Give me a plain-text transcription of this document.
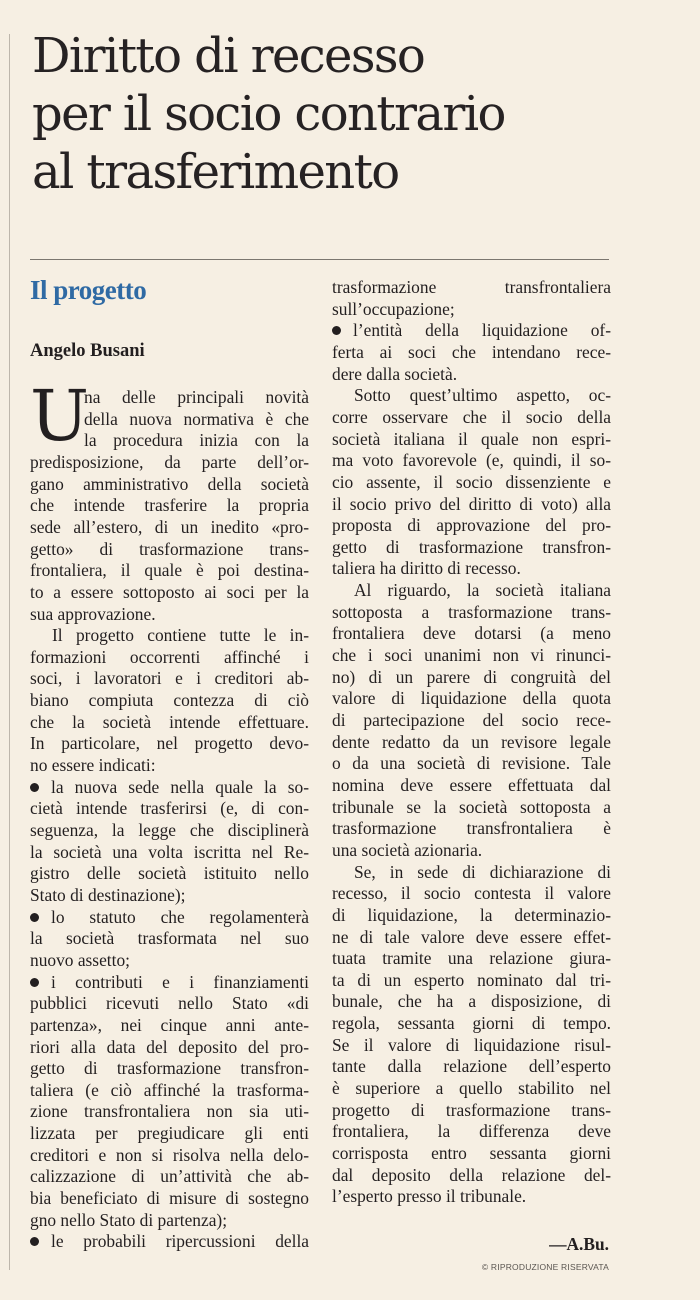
Diritto di recesso
per il socio contrario
al trasferimento
Il progetto
Angelo Busani
U
na delle principali novità
della nuova normativa è che
la procedura inizia con la
predisposizione, da parte dell’or-
gano amministrativo della società
che intende trasferire la propria
sede all’estero, di un inedito «pro-
getto» di trasformazione trans-
frontaliera, il quale è poi destina-
to a essere sottoposto ai soci per la
sua approvazione.
Il progetto contiene tutte le in-
formazioni occorrenti affinché i
soci, i lavoratori e i creditori ab-
biano compiuta contezza di ciò
che la società intende effettuare.
In particolare, nel progetto devo-
no essere indicati:
la nuova sede nella quale la so-
cietà intende trasferirsi (e, di con-
seguenza, la legge che disciplinerà
la società una volta iscritta nel Re-
gistro delle società istituito nello
Stato di destinazione);
lo statuto che regolamenterà
la società trasformata nel suo
nuovo assetto;
i contributi e i finanziamenti
pubblici ricevuti nello Stato «di
partenza», nei cinque anni ante-
riori alla data del deposito del pro-
getto di trasformazione transfron-
taliera (e ciò affinché la trasforma-
zione transfrontaliera non sia uti-
lizzata per pregiudicare gli enti
creditori e non si risolva nella delo-
calizzazione di un’attività che ab-
bia beneficiato di misure di sostegno
gno nello Stato di partenza);
le probabili ripercussioni della
trasformazione transfrontaliera
sull’occupazione;
l’entità della liquidazione of-
ferta ai soci che intendano rece-
dere dalla società.
Sotto quest’ultimo aspetto, oc-
corre osservare che il socio della
società italiana il quale non espri-
ma voto favorevole (e, quindi, il so-
cio assente, il socio dissenziente e
il socio privo del diritto di voto) alla
proposta di approvazione del pro-
getto di trasformazione transfron-
taliera ha diritto di recesso.
Al riguardo, la società italiana
sottoposta a trasformazione trans-
frontaliera deve dotarsi (a meno
che i soci unanimi non vi rinunci-
no) di un parere di congruità del
valore di liquidazione della quota
di partecipazione del socio rece-
dente redatto da un revisore legale
o da una società di revisione. Tale
nomina deve essere effettuata dal
tribunale se la società sottoposta a
trasformazione transfrontaliera è
una società azionaria.
Se, in sede di dichiarazione di
recesso, il socio contesta il valore
di liquidazione, la determinazio-
ne di tale valore deve essere effet-
tuata tramite una relazione giura-
ta di un esperto nominato dal tri-
bunale, che ha a disposizione, di
regola, sessanta giorni di tempo.
Se il valore di liquidazione risul-
tante dalla relazione dell’esperto
è superiore a quello stabilito nel
progetto di trasformazione trans-
frontaliera, la differenza deve
corrisposta entro sessanta giorni
dal deposito della relazione del-
l’esperto presso il tribunale.
—A.Bu.
© RIPRODUZIONE RISERVATA
